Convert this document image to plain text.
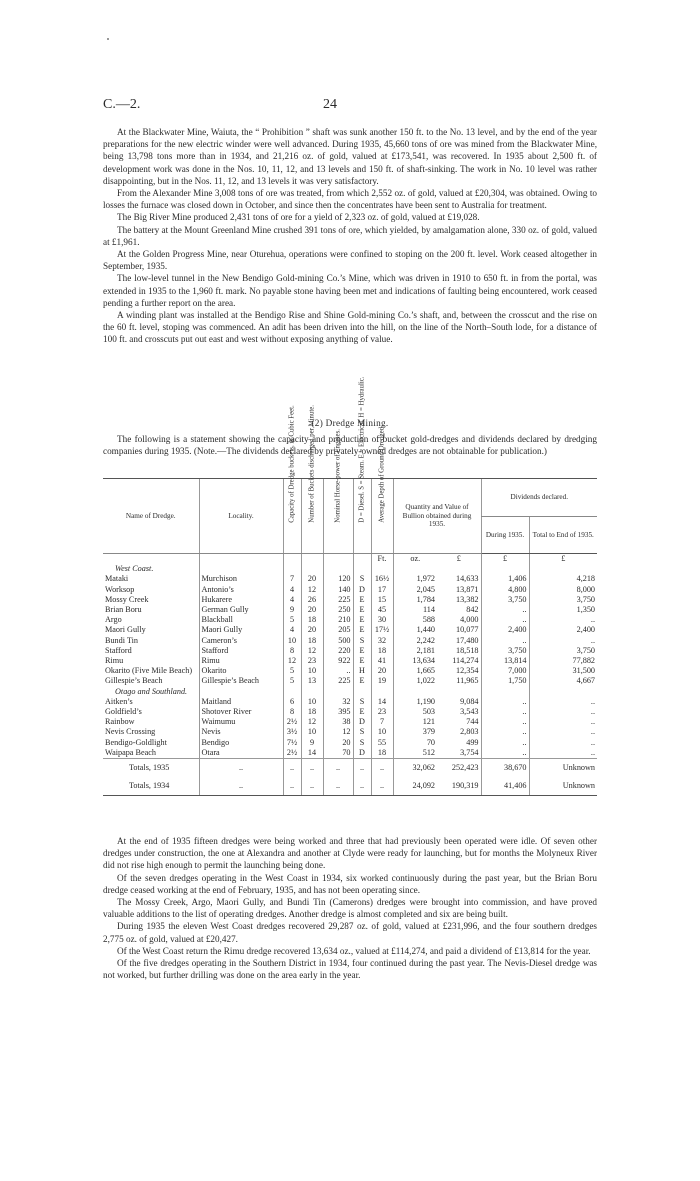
C.—2.	24

At the Blackwater Mine, Waiuta, the “ Prohibition ” shaft was sunk another 150 ft. to the No. 13 level, and by the end of the year preparations for the new electric winder were well advanced. During 1935, 45,660 tons of ore was mined from the Blackwater Mine, being 13,798 tons more than in 1934, and 21,216 oz. of gold, valued at £173,541, was recovered. In 1935 about 2,500 ft. of development work was done in the Nos. 10, 11, 12, and 13 levels and 150 ft. of shaft-sinking. The work in No. 10 level was rather disappointing, but in the Nos. 11, 12, and 13 levels it was very satisfactory.

From the Alexander Mine 3,008 tons of ore was treated, from which 2,552 oz. of gold, valued at £20,304, was obtained. Owing to losses the furnace was closed down in October, and since then the concentrates have been sent to Australia for treatment.

The Big River Mine produced 2,431 tons of ore for a yield of 2,323 oz. of gold, valued at £19,028.

The battery at the Mount Greenland Mine crushed 391 tons of ore, which yielded, by amalgamation alone, 330 oz. of gold, valued at £1,961.

At the Golden Progress Mine, near Oturehua, operations were confined to stoping on the 200 ft. level. Work ceased altogether in September, 1935.

The low-level tunnel in the New Bendigo Gold-mining Co.’s Mine, which was driven in 1910 to 650 ft. in from the portal, was extended in 1935 to the 1,960 ft. mark. No payable stone having been met and indications of faulting being encountered, work ceased pending a further report on the area.

A winding plant was installed at the Bendigo Rise and Shine Gold-mining Co.’s shaft, and, between the crosscut and the rise on the 60 ft. level, stoping was commenced. An adit has been driven into the hill, on the line of the North–South lode, for a distance of 100 ft. and crosscuts put out east and west without exposing anything of value.

(2) Dredge Mining.

The following is a statement showing the capacity and production of bucket gold-dredges and dividends declared by dredging companies during 1935. (Note.—The dividends declared by privately-owned dredges are not obtainable for publication.)

Name of Dredge.	Locality.	Capacity of Dredge buckets, in Cubic Feet.	Number of Buckets discharged per Minute.	Nominal Horse-power of Engines.	D = Diesel. S = Steam. E = Electrical. H = Hydraulic.	Average Depth of Ground Dredged.	Quantity and Value of Bullion obtained during 1935.		Dividends declared.	
									During 1935.	Total to End of 1935.
						Ft.	oz.	£	£	£
West Coast.										
Mataki	Murchison	7	20	120	S	16½	1,972	14,633	1,406	4,218
Worksop	Antonio’s	4	12	140	D	17	2,045	13,871	4,800	8,000
Mossy Creek	Hukarere	4	26	225	E	15	1,784	13,382	3,750	3,750
Brian Boru	German Gully	9	20	250	E	45	114	842	..	1,350
Argo	Blackball	5	18	210	E	30	588	4,000	..	..
Maori Gully	Maori Gully	4	20	205	E	17½	1,440	10,077	2,400	2,400
Bundi Tin	Cameron’s	10	18	500	S	32	2,242	17,480	..	..
Stafford	Stafford	8	12	220	E	18	2,181	18,518	3,750	3,750
Rimu	Rimu	12	23	922	E	41	13,634	114,274	13,814	77,882
Okarito (Five Mile Beach)	Okarito	5	10	..	H	20	1,665	12,354	7,000	31,500
Gillespie’s Beach	Gillespie’s Beach	5	13	225	E	19	1,022	11,965	1,750	4,667
Otago and Southland.										
Aitken’s	Maitland	6	10	32	S	14	1,190	9,084	..	..
Goldfield’s	Shotover River	8	18	395	E	23	503	3,543	..	..
Rainbow	Waimumu	2½	12	38	D	7	121	744	..	..
Nevis Crossing	Nevis	3½	10	12	S	10	379	2,803	..	..
Bendigo-Goldlight	Bendigo	7½	9	20	S	55	70	499	..	..
Waipapa Beach	Otara	2½	14	70	D	18	512	3,754	..	..
Totals, 1935	..	..	..	..	..	..	32,062	252,423	38,670	Unknown
Totals, 1934	..	..	..	..	..	..	24,092	190,319	41,406	Unknown

At the end of 1935 fifteen dredges were being worked and three that had previously been operated were idle. Of seven other dredges under construction, the one at Alexandra and another at Clyde were ready for launching, but for months the Molyneux River did not rise high enough to permit the launching being done.

Of the seven dredges operating in the West Coast in 1934, six worked continuously during the past year, but the Brian Boru dredge ceased working at the end of February, 1935, and has not been operating since.

The Mossy Creek, Argo, Maori Gully, and Bundi Tin (Camerons) dredges were brought into commission, and have proved valuable additions to the list of operating dredges. Another dredge is almost completed and six are being built.

During 1935 the eleven West Coast dredges recovered 29,287 oz. of gold, valued at £231,996, and the four southern dredges 2,775 oz. of gold, valued at £20,427.

Of the West Coast return the Rimu dredge recovered 13,634 oz., valued at £114,274, and paid a dividend of £13,814 for the year.

Of the five dredges operating in the Southern District in 1934, four continued during the past year. The Nevis-Diesel dredge was not worked, but further drilling was done on the area early in the year.
